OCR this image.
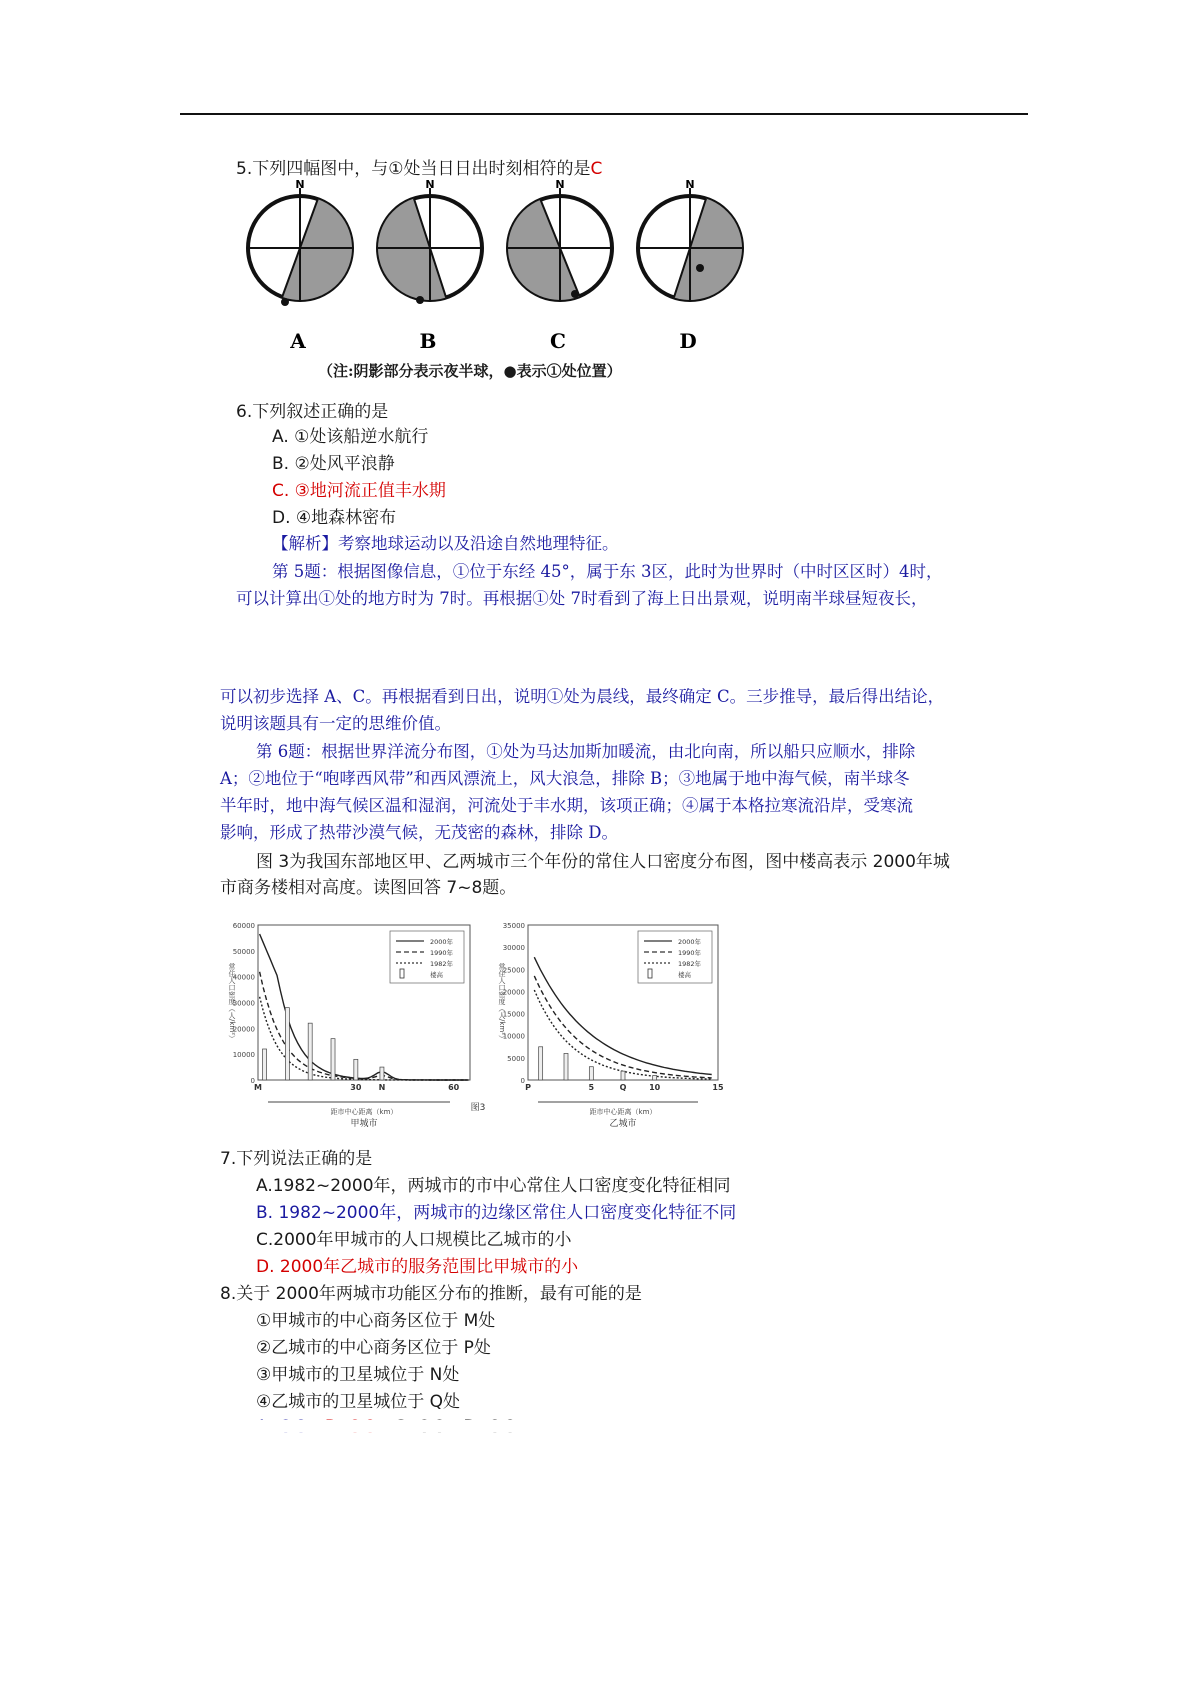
5.下列四幅图中，与①处当日日出时刻相符的是C
N
A
N
B
N
C
N
D
（注:阴影部分表示夜半球，●表示①处位置）
6.下列叙述正确的是
A. ①处该船逆水航行
B. ②处风平浪静
C. ③地河流正值丰水期
D. ④地森林密布
【解析】考察地球运动以及沿途自然地理特征。
第 5题：根据图像信息，①位于东经 45°，属于东 3区，此时为世界时（中时区区时）4时，
可以计算出①处的地方时为 7时。再根据①处 7时看到了海上日出景观，说明南半球昼短夜长，
可以初步选择 A、C。再根据看到日出，说明①处为晨线，最终确定 C。三步推导，最后得出结论，
说明该题具有一定的思维价值。
第 6题：根据世界洋流分布图，①处为马达加斯加暖流，由北向南，所以船只应顺水，排除
A；②地位于“咆哮西风带”和西风漂流上，风大浪急，排除 B；③地属于地中海气候，南半球冬
半年时，地中海气候区温和湿润，河流处于丰水期，该项正确；④属于本格拉寒流沿岸，受寒流
影响，形成了热带沙漠气候，无茂密的森林，排除 D。
图 3为我国东部地区甲、乙两城市三个年份的常住人口密度分布图，图中楼高表示 2000年城
市商务楼相对高度。读图回答 7~8题。
60000
50000
40000
30000
20000
10000
0
常住人口密度（人/km²）
M	30 N	60
距市中心距离（km）
甲城市
2000年
1990年
1982年
楼高
35000
30000
25000
20000
15000
10000
5000
0
常住人口密度（人/km²）
P	5	Q	10	15
距市中心距离（km）
乙城市
2000年
1990年
1982年
楼高
图3
7.下列说法正确的是
A.1982~2000年，两城市的市中心常住人口密度变化特征相同
B. 1982~2000年，两城市的边缘区常住人口密度变化特征不同
C.2000年甲城市的人口规模比乙城市的小
D. 2000年乙城市的服务范围比甲城市的小
8.关于 2000年两城市功能区分布的推断，最有可能的是
①甲城市的中心商务区位于 M处
②乙城市的中心商务区位于 P处
③甲城市的卫星城位于 N处
④乙城市的卫星城位于 Q处
